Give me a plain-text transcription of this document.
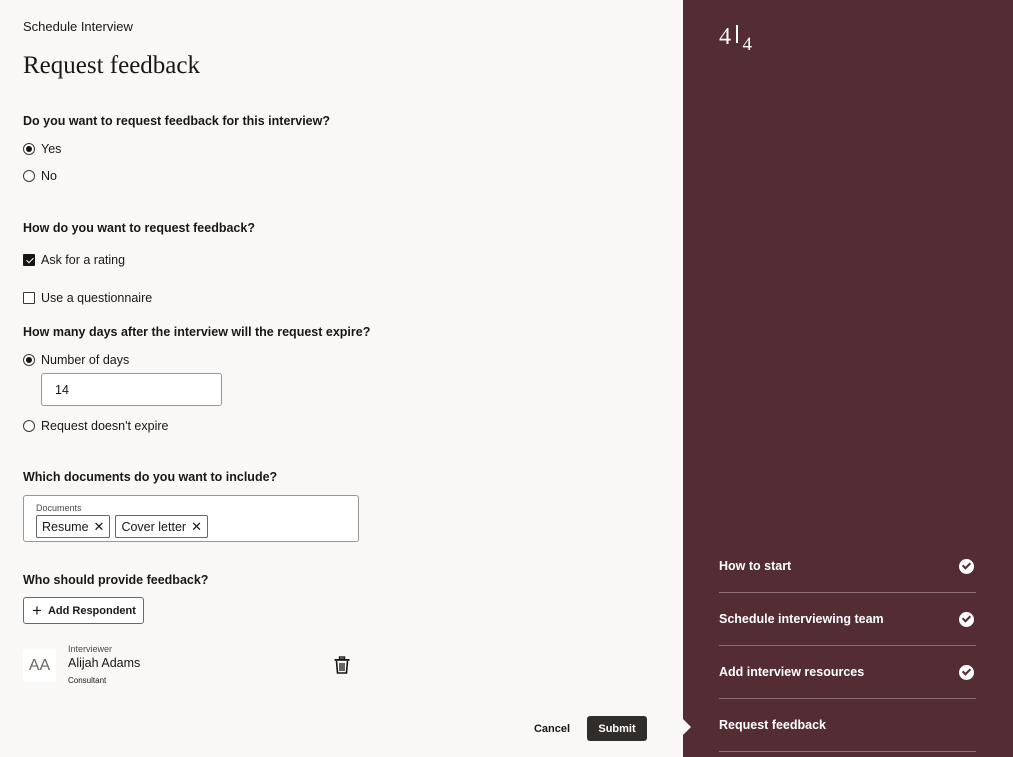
Schedule Interview
Request feedback
Do you want to request feedback for this interview?
Yes
No
How do you want to request feedback?
Ask for a rating
Use a questionnaire
How many days after the interview will the request expire?
Number of days
14
Request doesn't expire
Which documents do you want to include?
Documents
Resume ✕ Cover letter ✕
Who should provide feedback?
+ Add Respondent
AA
Interviewer
Alijah Adams
Consultant
Cancel	Submit
4 4
How to start
Schedule interviewing team
Add interview resources
Request feedback
